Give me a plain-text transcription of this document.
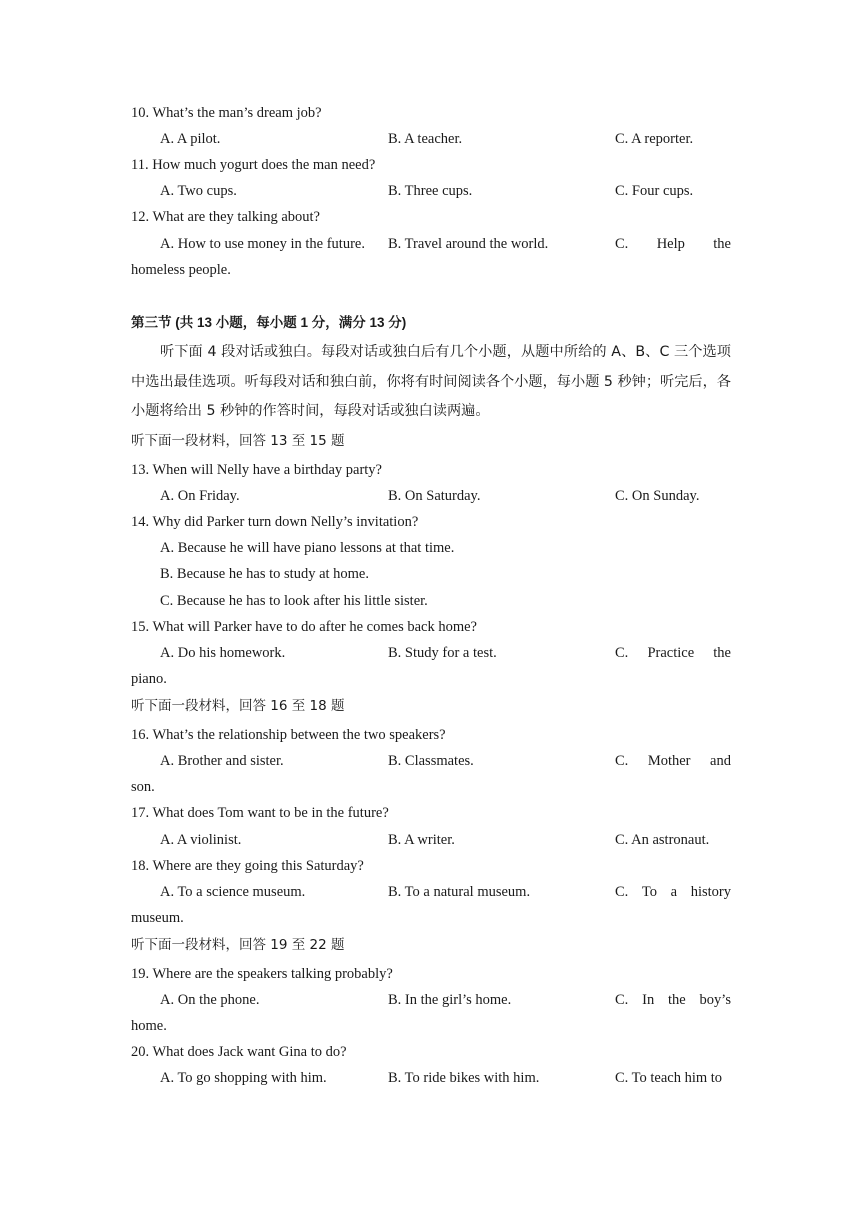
10. What’s the man’s dream job?
A. A pilot.	B. A teacher.	C. A reporter.
11. How much yogurt does the man need?
A. Two cups.	B. Three cups.	C. Four cups.
12. What are they talking about?
A. How to use money in the future. B. Travel around the world.	C. Help the
homeless people.
第三节 (共 13 小题，每小题 1 分，满分 13 分)
听下面 4 段对话或独白。每段对话或独白后有几个小题，从题中所给的 A、B、C 三个选项中选出最佳选项。听每段对话和独白前，你将有时间阅读各个小题，每小题 5 秒钟；听完后，各小题将给出 5 秒钟的作答时间，每段对话或独白读两遍。
听下面一段材料，回答 13 至 15 题
13. When will Nelly have a birthday party?
A. On Friday.	B. On Saturday.	C. On Sunday.
14. Why did Parker turn down Nelly’s invitation?
A. Because he will have piano lessons at that time.
B. Because he has to study at home.
C. Because he has to look after his little sister.
15. What will Parker have to do after he comes back home?
A. Do his homework.	B. Study for a test.	C. Practice the
piano.
听下面一段材料，回答 16 至 18 题
16. What’s the relationship between the two speakers?
A. Brother and sister.	B. Classmates.	C. Mother and
son.
17. What does Tom want to be in the future?
A. A violinist.	B. A writer.	C. An astronaut.
18. Where are they going this Saturday?
A. To a science museum.	B. To a natural museum.	C. To a history
museum.
听下面一段材料，回答 19 至 22 题
19. Where are the speakers talking probably?
A. On the phone.	B. In the girl’s home.	C. In the boy’s
home.
20. What does Jack want Gina to do?
A. To go shopping with him.	B. To ride bikes with him.	C. To teach him to
